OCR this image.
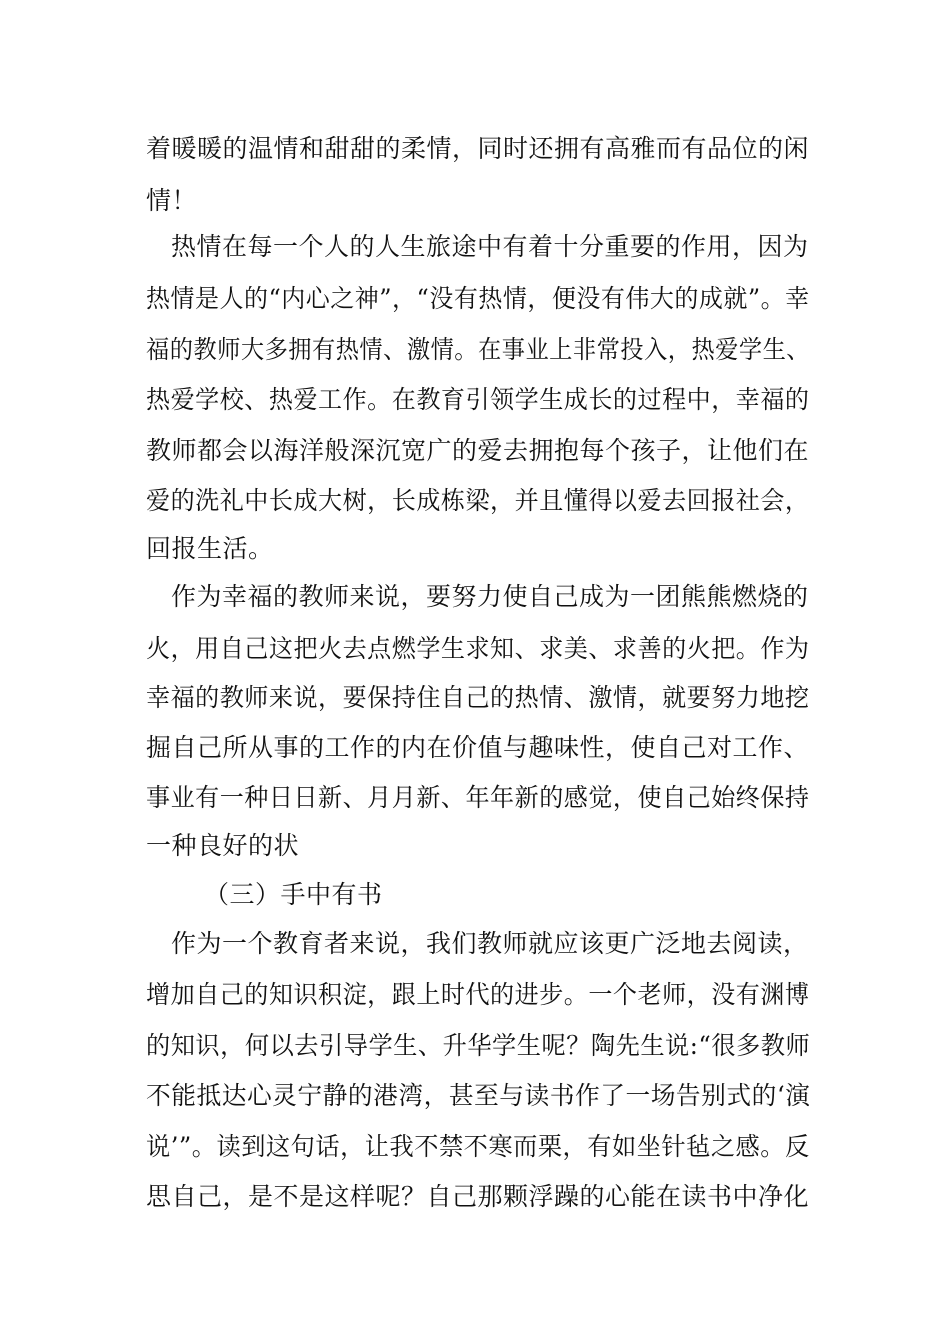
着暖暖的温情和甜甜的柔情，同时还拥有高雅而有品位的闲
情！
热情在每一个人的人生旅途中有着十分重要的作用，因为
热情是人的“内心之神”，“没有热情，便没有伟大的成就”。幸
福的教师大多拥有热情、激情。在事业上非常投入，热爱学生、
热爱学校、热爱工作。在教育引领学生成长的过程中，幸福的
教师都会以海洋般深沉宽广的爱去拥抱每个孩子，让他们在
爱的洗礼中长成大树，长成栋梁，并且懂得以爱去回报社会，
回报生活。
作为幸福的教师来说，要努力使自己成为一团熊熊燃烧的
火，用自己这把火去点燃学生求知、求美、求善的火把。作为
幸福的教师来说，要保持住自己的热情、激情，就要努力地挖
掘自己所从事的工作的内在价值与趣味性，使自己对工作、
事业有一种日日新、月月新、年年新的感觉，使自己始终保持
一种良好的状
（三）手中有书
作为一个教育者来说，我们教师就应该更广泛地去阅读，
增加自己的知识积淀，跟上时代的进步。一个老师，没有渊博
的知识，何以去引导学生、升华学生呢？陶先生说:“很多教师
不能抵达心灵宁静的港湾，甚至与读书作了一场告别式的‘演
说’”。读到这句话，让我不禁不寒而栗，有如坐针毡之感。反
思自己，是不是这样呢？自己那颗浮躁的心能在读书中净化
